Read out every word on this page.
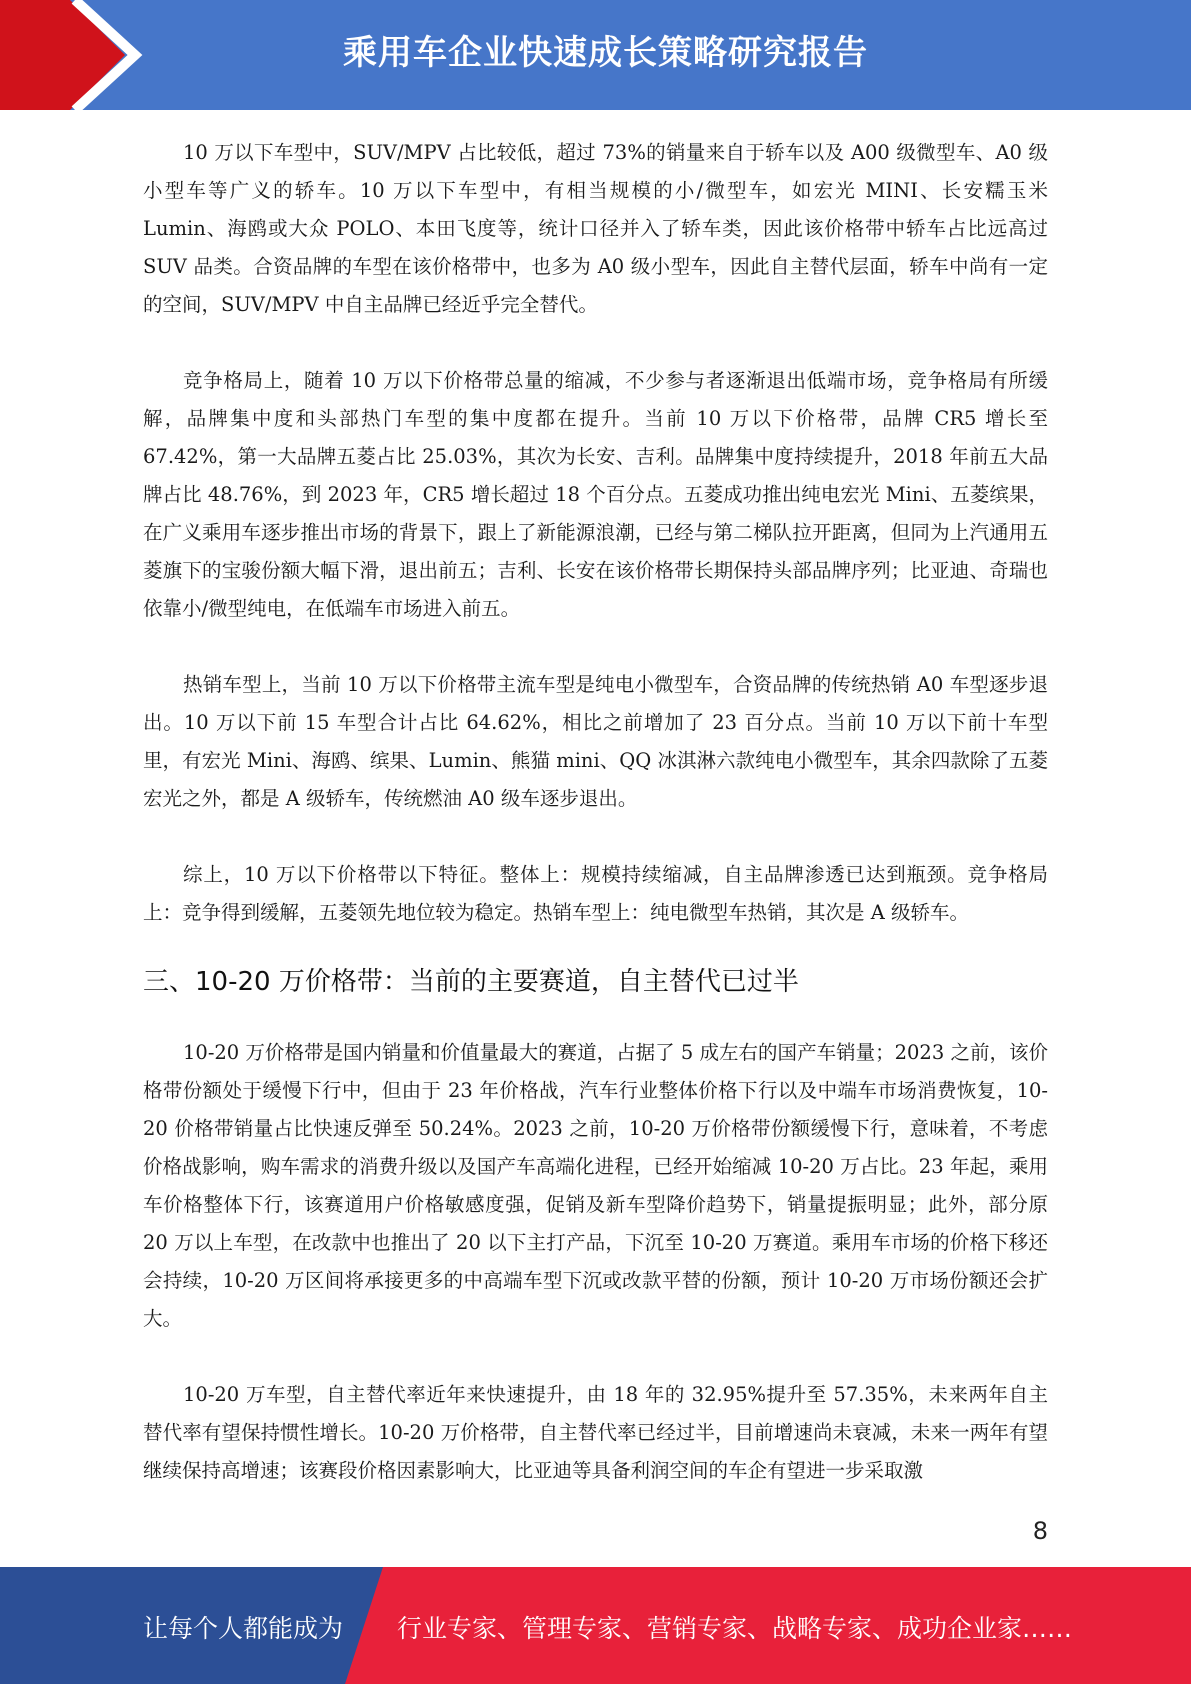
乘用车企业快速成长策略研究报告

10 万以下车型中，SUV/MPV 占比较低，超过 73%的销量来自于轿车以及 A00 级微型车、A0 级小型车等广义的轿车。10 万以下车型中，有相当规模的小/微型车，如宏光 MINI、长安糯玉米 Lumin、海鸥或大众 POLO、本田飞度等，统计口径并入了轿车类，因此该价格带中轿车占比远高过 SUV 品类。合资品牌的车型在该价格带中，也多为 A0 级小型车，因此自主替代层面，轿车中尚有一定的空间，SUV/MPV 中自主品牌已经近乎完全替代。

竞争格局上，随着 10 万以下价格带总量的缩减，不少参与者逐渐退出低端市场，竞争格局有所缓解，品牌集中度和头部热门车型的集中度都在提升。当前 10 万以下价格带，品牌 CR5 增长至 67.42%，第一大品牌五菱占比 25.03%，其次为长安、吉利。品牌集中度持续提升，2018 年前五大品牌占比 48.76%，到 2023 年，CR5 增长超过 18 个百分点。五菱成功推出纯电宏光 Mini、五菱缤果，在广义乘用车逐步推出市场的背景下，跟上了新能源浪潮，已经与第二梯队拉开距离，但同为上汽通用五菱旗下的宝骏份额大幅下滑，退出前五；吉利、长安在该价格带长期保持头部品牌序列；比亚迪、奇瑞也依靠小/微型纯电，在低端车市场进入前五。

热销车型上，当前 10 万以下价格带主流车型是纯电小微型车，合资品牌的传统热销 A0 车型逐步退出。10 万以下前 15 车型合计占比 64.62%，相比之前增加了 23 百分点。当前 10 万以下前十车型里，有宏光 Mini、海鸥、缤果、Lumin、熊猫 mini、QQ 冰淇淋六款纯电小微型车，其余四款除了五菱宏光之外，都是 A 级轿车，传统燃油 A0 级车逐步退出。

综上，10 万以下价格带以下特征。整体上：规模持续缩减，自主品牌渗透已达到瓶颈。竞争格局上：竞争得到缓解，五菱领先地位较为稳定。热销车型上：纯电微型车热销，其次是 A 级轿车。

三、10-20 万价格带：当前的主要赛道，自主替代已过半

10-20 万价格带是国内销量和价值量最大的赛道，占据了 5 成左右的国产车销量；2023 之前，该价格带份额处于缓慢下行中，但由于 23 年价格战，汽车行业整体价格下行以及中端车市场消费恢复，10-20 价格带销量占比快速反弹至 50.24%。2023 之前，10-20 万价格带份额缓慢下行，意味着，不考虑价格战影响，购车需求的消费升级以及国产车高端化进程，已经开始缩减 10-20 万占比。23 年起，乘用车价格整体下行，该赛道用户价格敏感度强，促销及新车型降价趋势下，销量提振明显；此外，部分原 20 万以上车型，在改款中也推出了 20 以下主打产品，下沉至 10-20 万赛道。乘用车市场的价格下移还会持续，10-20 万区间将承接更多的中高端车型下沉或改款平替的份额，预计 10-20 万市场份额还会扩大。

10-20 万车型，自主替代率近年来快速提升，由 18 年的 32.95%提升至 57.35%，未来两年自主替代率有望保持惯性增长。10-20 万价格带，自主替代率已经过半，目前增速尚未衰减，未来一两年有望继续保持高增速；该赛段价格因素影响大，比亚迪等具备利润空间的车企有望进一步采取激

8
让每个人都能成为 行业专家、管理专家、营销专家、战略专家、成功企业家……
